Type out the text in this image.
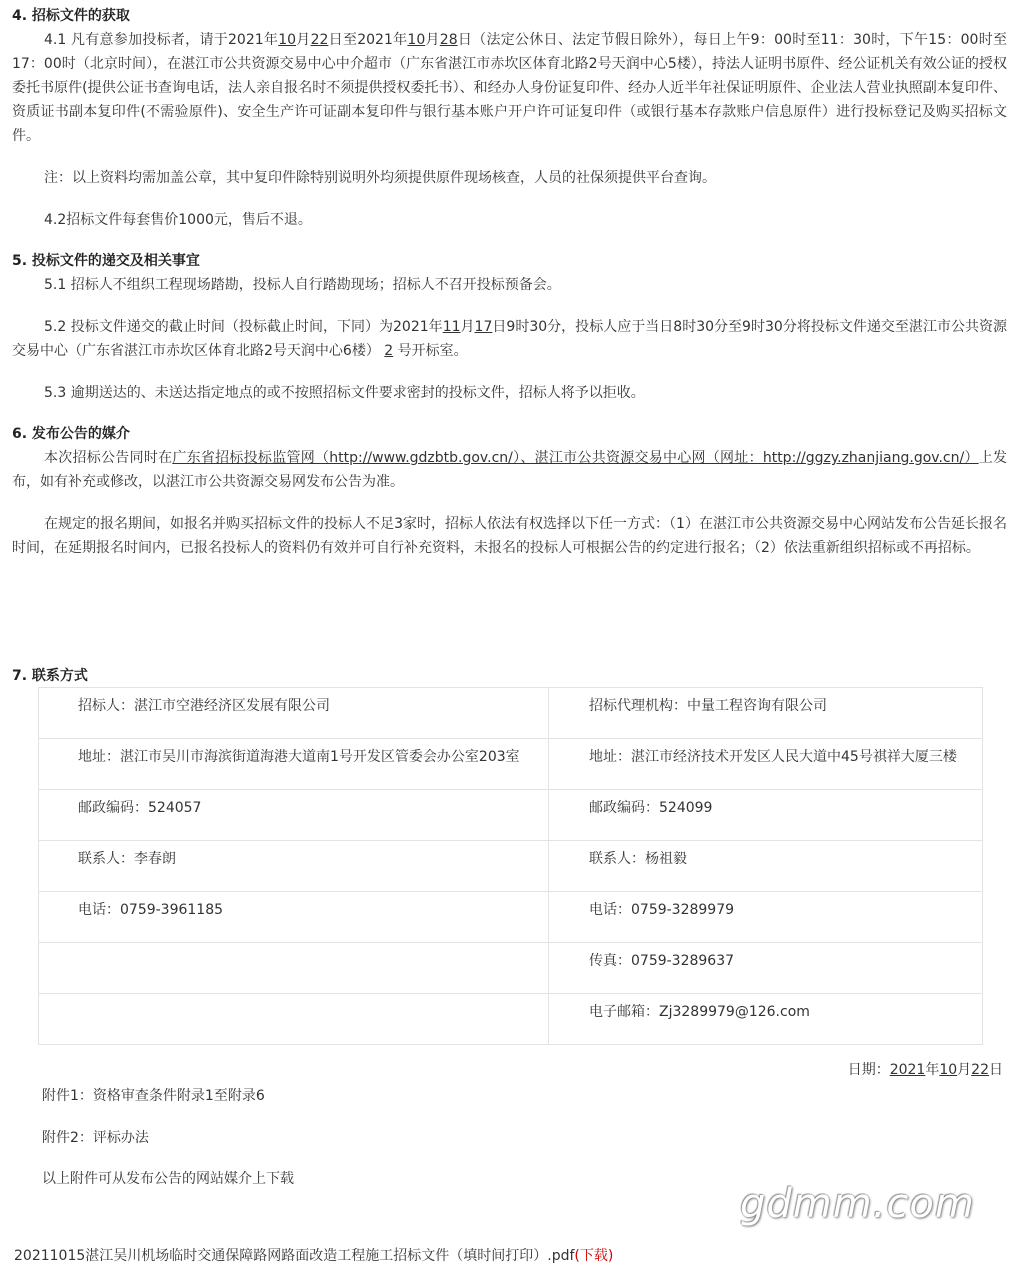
4. 招标文件的获取

4.1 凡有意参加投标者，请于2021年10月22日至2021年10月28日（法定公休日、法定节假日除外），每日上午9：00时至11：30时，下午15：00时至17：00时（北京时间），在湛江市公共资源交易中心中介超市（广东省湛江市赤坎区体育北路2号天润中心5楼），持法人证明书原件、经公证机关有效公证的授权委托书原件(提供公证书查询电话，法人亲自报名时不须提供授权委托书）、和经办人身份证复印件、经办人近半年社保证明原件、企业法人营业执照副本复印件、资质证书副本复印件(不需验原件)、安全生产许可证副本复印件与银行基本账户开户许可证复印件（或银行基本存款账户信息原件）进行投标登记及购买招标文件。

注：以上资料均需加盖公章，其中复印件除特别说明外均须提供原件现场核查，人员的社保须提供平台查询。

4.2招标文件每套售价1000元，售后不退。

5. 投标文件的递交及相关事宜

5.1 招标人不组织工程现场踏勘，投标人自行踏勘现场；招标人不召开投标预备会。

5.2 投标文件递交的截止时间（投标截止时间，下同）为2021年11月17日9时30分，投标人应于当日8时30分至9时30分将投标文件递交至湛江市公共资源交易中心（广东省湛江市赤坎区体育北路2号天润中心6楼） 2 号开标室。

5.3 逾期送达的、未送达指定地点的或不按照招标文件要求密封的投标文件，招标人将予以拒收。

6. 发布公告的媒介

本次招标公告同时在广东省招标投标监管网（http://www.gdzbtb.gov.cn/）、湛江市公共资源交易中心网（网址：http://ggzy.zhanjiang.gov.cn/）上发布，如有补充或修改，以湛江市公共资源交易网发布公告为准。

在规定的报名期间，如报名并购买招标文件的投标人不足3家时，招标人依法有权选择以下任一方式：（1）在湛江市公共资源交易中心网站发布公告延长报名时间，在延期报名时间内，已报名投标人的资料仍有效并可自行补充资料，未报名的投标人可根据公告的约定进行报名；（2）依法重新组织招标或不再招标。

7. 联系方式

招标人：湛江市空港经济区发展有限公司	招标代理机构：中量工程咨询有限公司
地址：湛江市吴川市海滨街道海港大道南1号开发区管委会办公室203室	地址：湛江市经济技术开发区人民大道中45号祺祥大厦三楼
邮政编码：524057	邮政编码：524099
联系人：李春朗	联系人：杨祖毅
电话：0759-3961185	电话：0759-3289979
	传真：0759-3289637
	电子邮箱：Zj3289979@126.com

日期：2021年10月22日

附件1：资格审查条件附录1至附录6

附件2：评标办法

以上附件可从发布公告的网站媒介上下载

gdmm.com
20211015湛江吴川机场临时交通保障路网路面改造工程施工招标文件（填时间打印）.pdf(下载)
